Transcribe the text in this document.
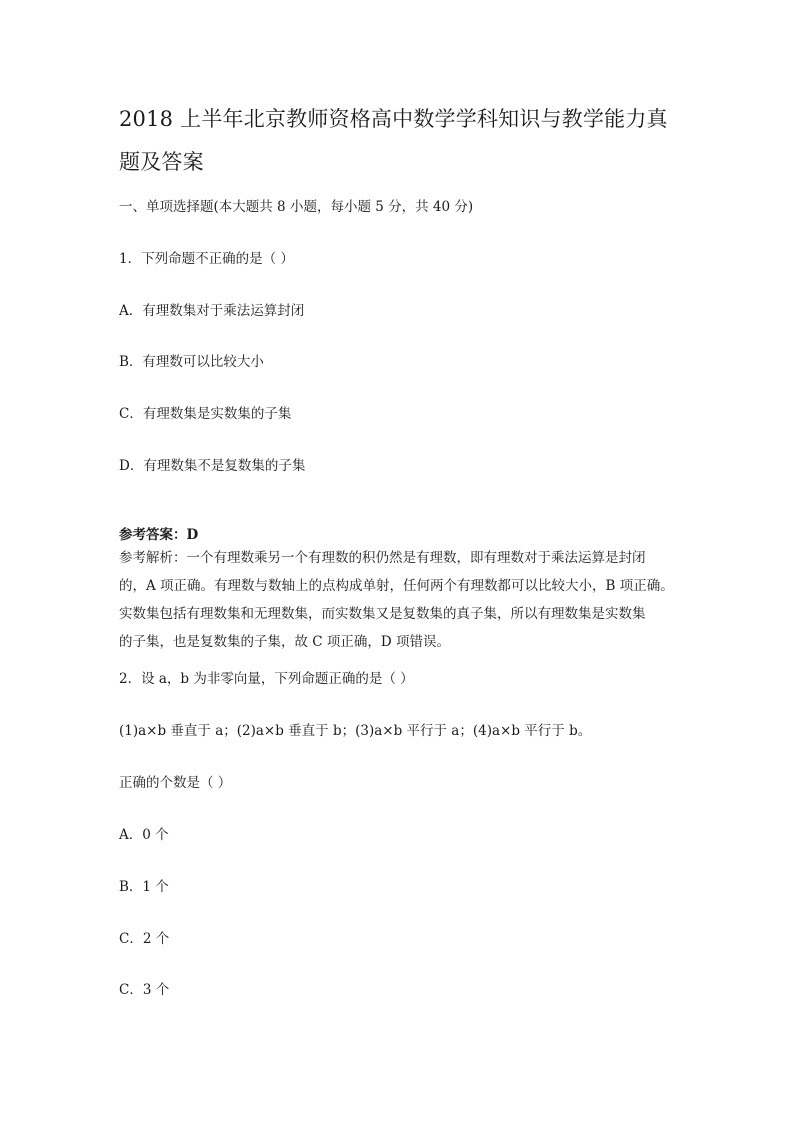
2018 上半年北京教师资格高中数学学科知识与教学能力真
题及答案
一、单项选择题(本大题共 8 小题，每小题 5 分，共 40 分)
1．下列命题不正确的是（ ）
A．有理数集对于乘法运算封闭
B．有理数可以比较大小
C．有理数集是实数集的子集
D．有理数集不是复数集的子集
参考答案：D
参考解析：一个有理数乘另一个有理数的积仍然是有理数，即有理数对于乘法运算是封闭
的，A 项正确。有理数与数轴上的点构成单射，任何两个有理数都可以比较大小，B 项正确。
实数集包括有理数集和无理数集，而实数集又是复数集的真子集，所以有理数集是实数集
的子集，也是复数集的子集，故 C 项正确，D 项错误。
2．设 a，b 为非零向量，下列命题正确的是（ ）
(1)a×b 垂直于 a；(2)a×b 垂直于 b；(3)a×b 平行于 a；(4)a×b 平行于 b。
正确的个数是（ ）
A．0 个
B．1 个
C．2 个
C．3 个
